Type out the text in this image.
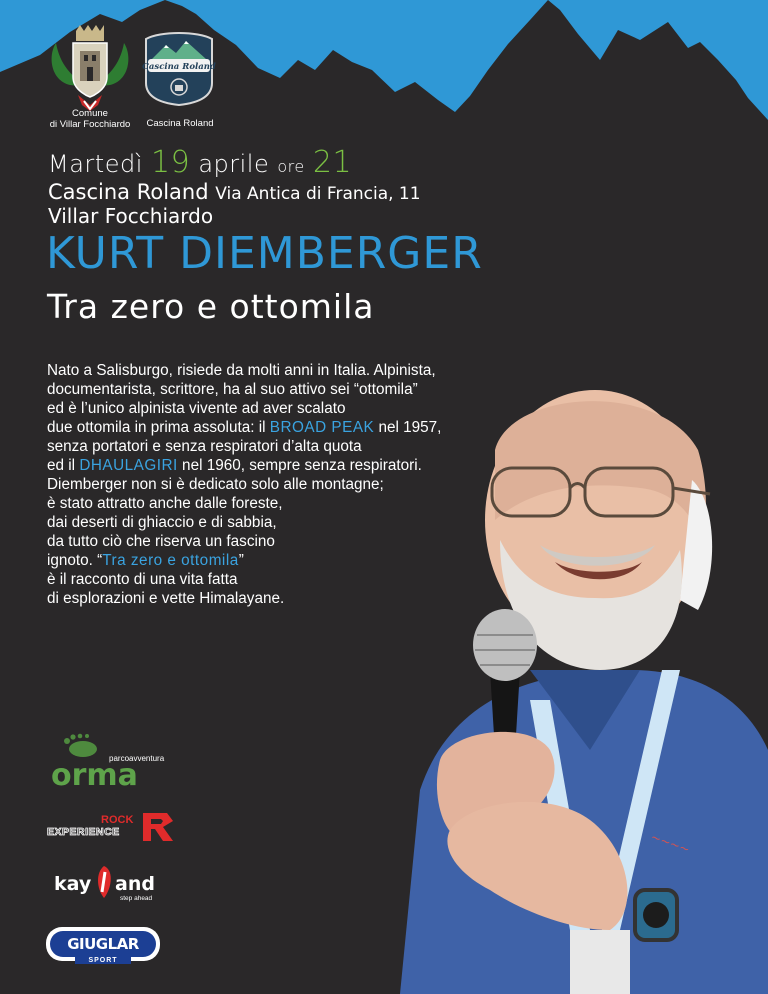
Cascina Roland
Comune
di Villar Focchiardo	Cascina Roland
Martedì 19 aprile ore 21
Cascina Roland Via Antica di Francia, 11
Villar Focchiardo
KURT DIEMBERGER
Tra zero e ottomila
~~~~
Nato a Salisburgo, risiede da molti anni in Italia. Alpinista,
documentarista, scrittore, ha al suo attivo sei “ottomila”
ed è l’unico alpinista vivente ad aver scalato
due ottomila in prima assoluta: il BROAD PEAK nel 1957,
senza portatori e senza respiratori d’alta quota
ed il DHAULAGIRI nel 1960, sempre senza respiratori.
Diemberger non si è dedicato solo alle montagne;
è stato attratto anche dalle foreste,
dai deserti di ghiaccio e di sabbia,
da tutto ciò che riserva un fascino
ignoto. “Tra zero e ottomila”
è il racconto di una vita fatta
di esplorazioni e vette Himalayane.
parcoavventura
orma
ROCK
EXPERIENCE
kay and
step ahead
GIUGLAR
SPORT
